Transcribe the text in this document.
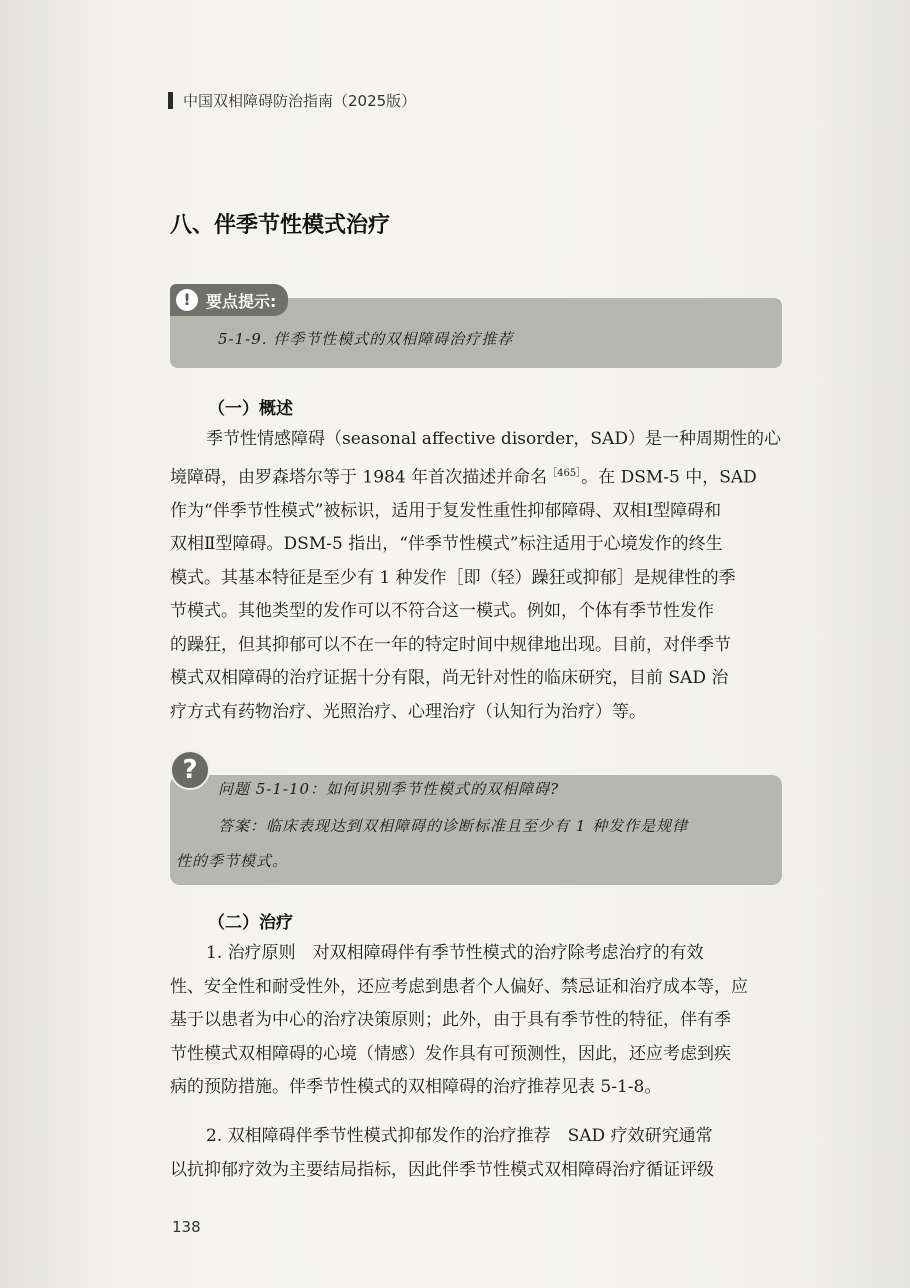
中国双相障碍防治指南（2025版）
八、伴季节性模式治疗
! 要点提示:
5-1-9. 伴季节性模式的双相障碍治疗推荐
（一）概述
季节性情感障碍（seasonal affective disorder，SAD）是一种周期性的心
境障碍，由罗森塔尔等于 1984 年首次描述并命名$^{[465]}$。在 DSM-5 中，SAD
作为“伴季节性模式”被标识，适用于复发性重性抑郁障碍、双相Ⅰ型障碍和
双相Ⅱ型障碍。DSM-5 指出，“伴季节性模式”标注适用于心境发作的终生
模式。其基本特征是至少有 1 种发作［即（轻）躁狂或抑郁］是规律性的季
节模式。其他类型的发作可以不符合这一模式。例如，个体有季节性发作
的躁狂，但其抑郁可以不在一年的特定时间中规律地出现。目前，对伴季节
模式双相障碍的治疗证据十分有限，尚无针对性的临床研究，目前 SAD 治
疗方式有药物治疗、光照治疗、心理治疗（认知行为治疗）等。
?
问题 5-1-10：如何识别季节性模式的双相障碍?
答案：临床表现达到双相障碍的诊断标准且至少有 1 种发作是规律
性的季节模式。
（二）治疗
1. 治疗原则　对双相障碍伴有季节性模式的治疗除考虑治疗的有效
性、安全性和耐受性外，还应考虑到患者个人偏好、禁忌证和治疗成本等，应
基于以患者为中心的治疗决策原则；此外，由于具有季节性的特征，伴有季
节性模式双相障碍的心境（情感）发作具有可预测性，因此，还应考虑到疾
病的预防措施。伴季节性模式的双相障碍的治疗推荐见表 5-1-8。
2. 双相障碍伴季节性模式抑郁发作的治疗推荐　SAD 疗效研究通常
以抗抑郁疗效为主要结局指标，因此伴季节性模式双相障碍治疗循证评级
138
